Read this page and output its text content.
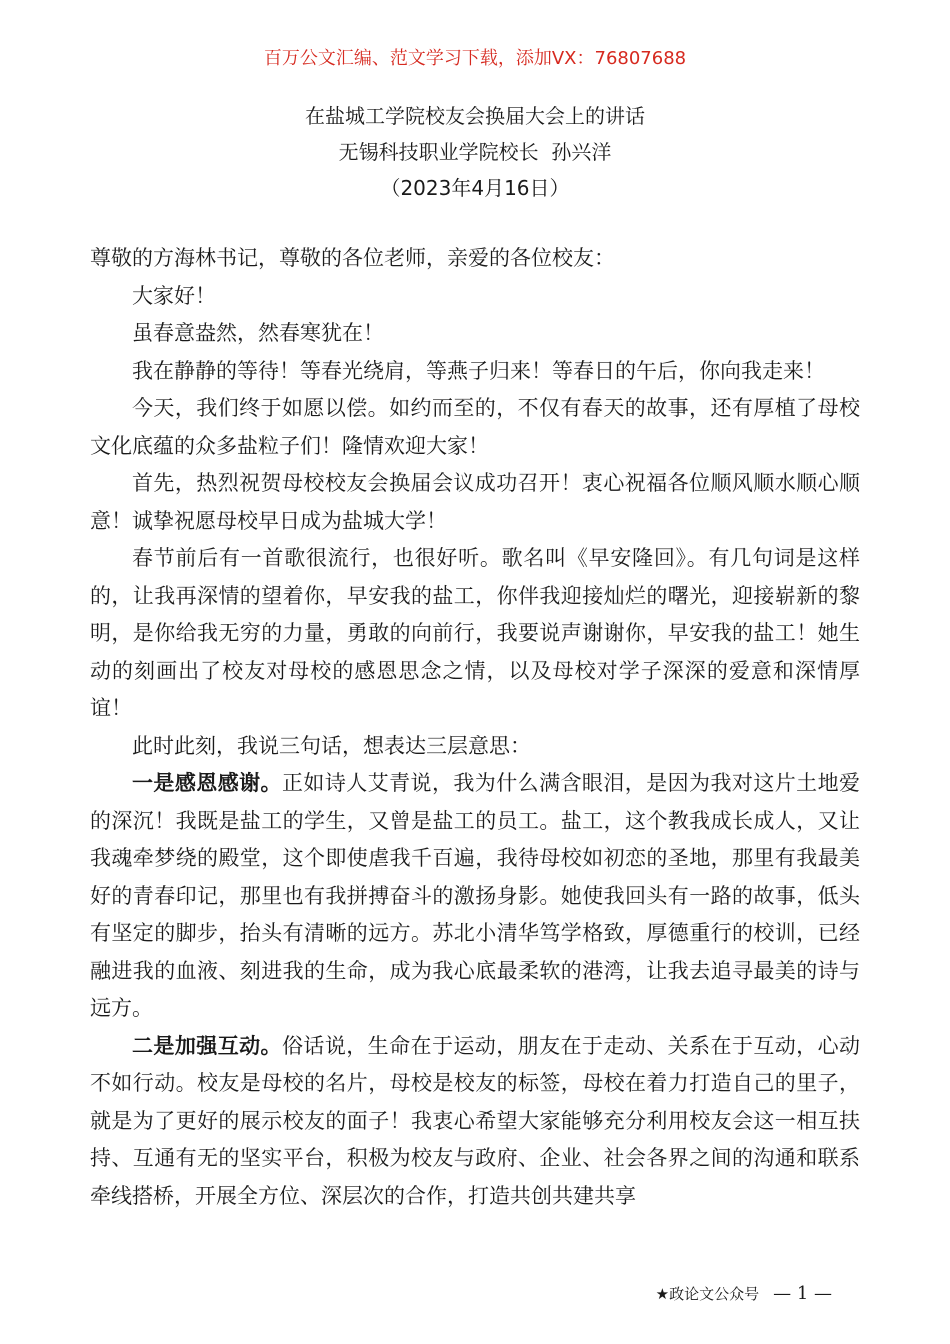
百万公文汇编、范文学习下载，添加VX：76807688
在盐城工学院校友会换届大会上的讲话
无锡科技职业学院校长  孙兴洋
（2023年4月16日）

尊敬的方海林书记，尊敬的各位老师，亲爱的各位校友：

大家好！

虽春意盎然，然春寒犹在！

我在静静的等待！等春光绕肩，等燕子归来！等春日的午后，你向我走来！

今天，我们终于如愿以偿。如约而至的，不仅有春天的故事，还有厚植了母校文化底蕴的众多盐粒子们！隆情欢迎大家！

首先，热烈祝贺母校校友会换届会议成功召开！衷心祝福各位顺风顺水顺心顺意！诚挚祝愿母校早日成为盐城大学！

春节前后有一首歌很流行，也很好听。歌名叫《早安隆回》。有几句词是这样的，让我再深情的望着你，早安我的盐工，你伴我迎接灿烂的曙光，迎接崭新的黎明，是你给我无穷的力量，勇敢的向前行，我要说声谢谢你，早安我的盐工！她生动的刻画出了校友对母校的感恩思念之情，以及母校对学子深深的爱意和深情厚谊！

此时此刻，我说三句话，想表达三层意思：

一是感恩感谢。正如诗人艾青说，我为什么满含眼泪，是因为我对这片土地爱的深沉！我既是盐工的学生，又曾是盐工的员工。盐工，这个教我成长成人，又让我魂牵梦绕的殿堂，这个即使虐我千百遍，我待母校如初恋的圣地，那里有我最美好的青春印记，那里也有我拼搏奋斗的激扬身影。她使我回头有一路的故事，低头有坚定的脚步，抬头有清晰的远方。苏北小清华笃学格致，厚德重行的校训，已经融进我的血液、刻进我的生命，成为我心底最柔软的港湾，让我去追寻最美的诗与远方。

二是加强互动。俗话说，生命在于运动，朋友在于走动、关系在于互动，心动不如行动。校友是母校的名片，母校是校友的标签，母校在着力打造自己的里子，就是为了更好的展示校友的面子！我衷心希望大家能够充分利用校友会这一相互扶持、互通有无的坚实平台，积极为校友与政府、企业、社会各界之间的沟通和联系牵线搭桥，开展全方位、深层次的合作，打造共创共建共享

★政论文公众号 — 1 —
